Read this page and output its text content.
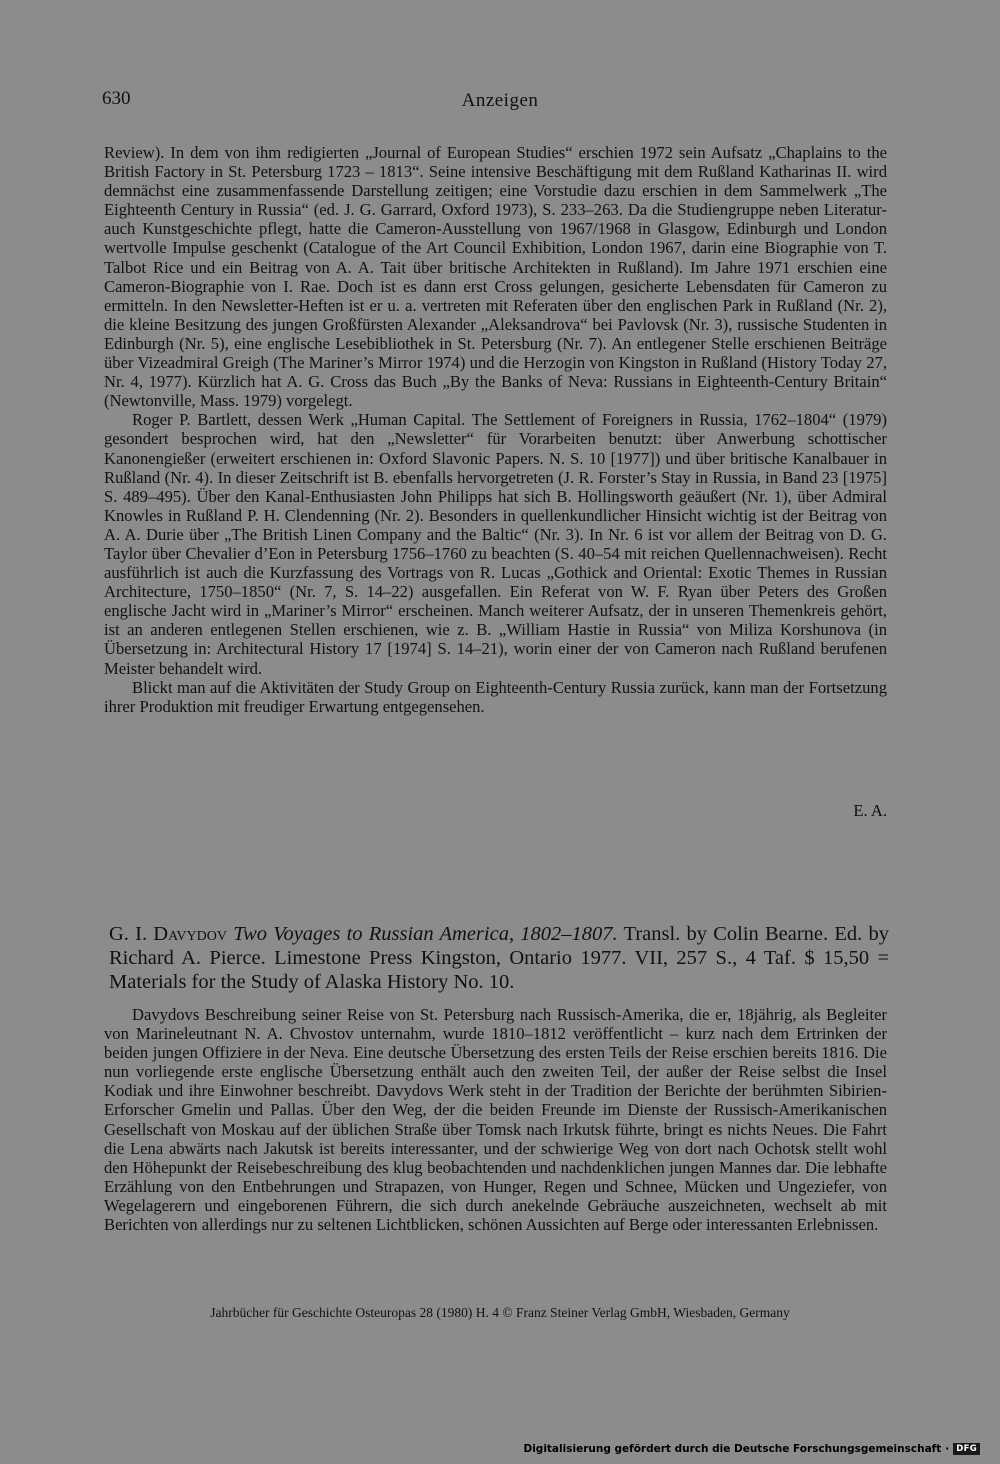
630	Anzeigen

Review). In dem von ihm redigierten „Journal of European Studies“ erschien 1972 sein Aufsatz „Chaplains to the British Factory in St. Petersburg 1723 – 1813“. Seine intensive Beschäftigung mit dem Rußland Katharinas II. wird demnächst eine zusammenfassende Darstellung zeitigen; eine Vorstudie dazu erschien in dem Sammelwerk „The Eighteenth Century in Russia“ (ed. J. G. Garrard, Oxford 1973), S. 233–263. Da die Studiengruppe neben Literatur- auch Kunstgeschichte pflegt, hatte die Cameron-Ausstellung von 1967/1968 in Glasgow, Edinburgh und London wertvolle Impulse geschenkt (Catalogue of the Art Council Exhibition, London 1967, darin eine Biographie von T. Talbot Rice und ein Beitrag von A. A. Tait über britische Architekten in Rußland). Im Jahre 1971 erschien eine Cameron-Biographie von I. Rae. Doch ist es dann erst Cross gelungen, gesicherte Lebensdaten für Cameron zu ermitteln. In den Newsletter-Heften ist er u. a. vertreten mit Referaten über den englischen Park in Rußland (Nr. 2), die kleine Besitzung des jungen Großfürsten Alexander „Aleksandrova“ bei Pavlovsk (Nr. 3), russische Studenten in Edinburgh (Nr. 5), eine englische Lesebibliothek in St. Petersburg (Nr. 7). An entlegener Stelle erschienen Beiträge über Vizeadmiral Greigh (The Mariner’s Mirror 1974) und die Herzogin von Kingston in Rußland (History Today 27, Nr. 4, 1977). Kürzlich hat A. G. Cross das Buch „By the Banks of Neva: Russians in Eighteenth-Century Britain“ (Newtonville, Mass. 1979) vorgelegt.

Roger P. Bartlett, dessen Werk „Human Capital. The Settlement of Foreigners in Russia, 1762–1804“ (1979) gesondert besprochen wird, hat den „Newsletter“ für Vorarbeiten benutzt: über Anwerbung schottischer Kanonengießer (erweitert erschienen in: Oxford Slavonic Papers. N. S. 10 [1977]) und über britische Kanalbauer in Rußland (Nr. 4). In dieser Zeitschrift ist B. ebenfalls hervorgetreten (J. R. Forster’s Stay in Russia, in Band 23 [1975] S. 489–495). Über den Kanal-Enthusiasten John Philipps hat sich B. Hollingsworth geäußert (Nr. 1), über Admiral Knowles in Rußland P. H. Clendenning (Nr. 2). Besonders in quellenkundlicher Hinsicht wichtig ist der Beitrag von A. A. Durie über „The British Linen Company and the Baltic“ (Nr. 3). In Nr. 6 ist vor allem der Beitrag von D. G. Taylor über Chevalier d’Eon in Petersburg 1756–1760 zu beachten (S. 40–54 mit reichen Quellennachweisen). Recht ausführlich ist auch die Kurzfassung des Vortrags von R. Lucas „Gothick and Oriental: Exotic Themes in Russian Architecture, 1750–1850“ (Nr. 7, S. 14–22) ausgefallen. Ein Referat von W. F. Ryan über Peters des Großen englische Jacht wird in „Mariner’s Mirror“ erscheinen. Manch weiterer Aufsatz, der in unseren Themenkreis gehört, ist an anderen entlegenen Stellen erschienen, wie z. B. „William Hastie in Russia“ von Miliza Korshunova (in Übersetzung in: Architectural History 17 [1974] S. 14–21), worin einer der von Cameron nach Rußland berufenen Meister behandelt wird.

Blickt man auf die Aktivitäten der Study Group on Eighteenth-Century Russia zurück, kann man der Fortsetzung ihrer Produktion mit freudiger Erwartung entgegensehen.

E. A.
G. I. Davydov Two Voyages to Russian America, 1802–1807. Transl. by Colin Bearne. Ed. by Richard A. Pierce. Limestone Press Kingston, Ontario 1977. VII, 257 S., 4 Taf. $ 15,50 = Materials for the Study of Alaska History No. 10.

Davydovs Beschreibung seiner Reise von St. Petersburg nach Russisch-Amerika, die er, 18jährig, als Begleiter von Marineleutnant N. A. Chvostov unternahm, wurde 1810–1812 veröffentlicht – kurz nach dem Ertrinken der beiden jungen Offiziere in der Neva. Eine deutsche Übersetzung des ersten Teils der Reise erschien bereits 1816. Die nun vorliegende erste englische Übersetzung enthält auch den zweiten Teil, der außer der Reise selbst die Insel Kodiak und ihre Einwohner beschreibt. Davydovs Werk steht in der Tradition der Berichte der berühmten Sibirien-Erforscher Gmelin und Pallas. Über den Weg, der die beiden Freunde im Dienste der Russisch-Amerikanischen Gesellschaft von Moskau auf der üblichen Straße über Tomsk nach Irkutsk führte, bringt es nichts Neues. Die Fahrt die Lena abwärts nach Jakutsk ist bereits interessanter, und der schwierige Weg von dort nach Ochotsk stellt wohl den Höhepunkt der Reisebeschreibung des klug beobachtenden und nachdenklichen jungen Mannes dar. Die lebhafte Erzählung von den Entbehrungen und Strapazen, von Hunger, Regen und Schnee, Mücken und Ungeziefer, von Wegelagerern und eingeborenen Führern, die sich durch anekelnde Gebräuche auszeichneten, wechselt ab mit Berichten von allerdings nur zu seltenen Lichtblicken, schönen Aussichten auf Berge oder interessanten Erlebnissen.

Jahrbücher für Geschichte Osteuropas 28 (1980) H. 4 © Franz Steiner Verlag GmbH, Wiesbaden, Germany
Digitalisierung gefördert durch die Deutsche Forschungsgemeinschaft · DFG
